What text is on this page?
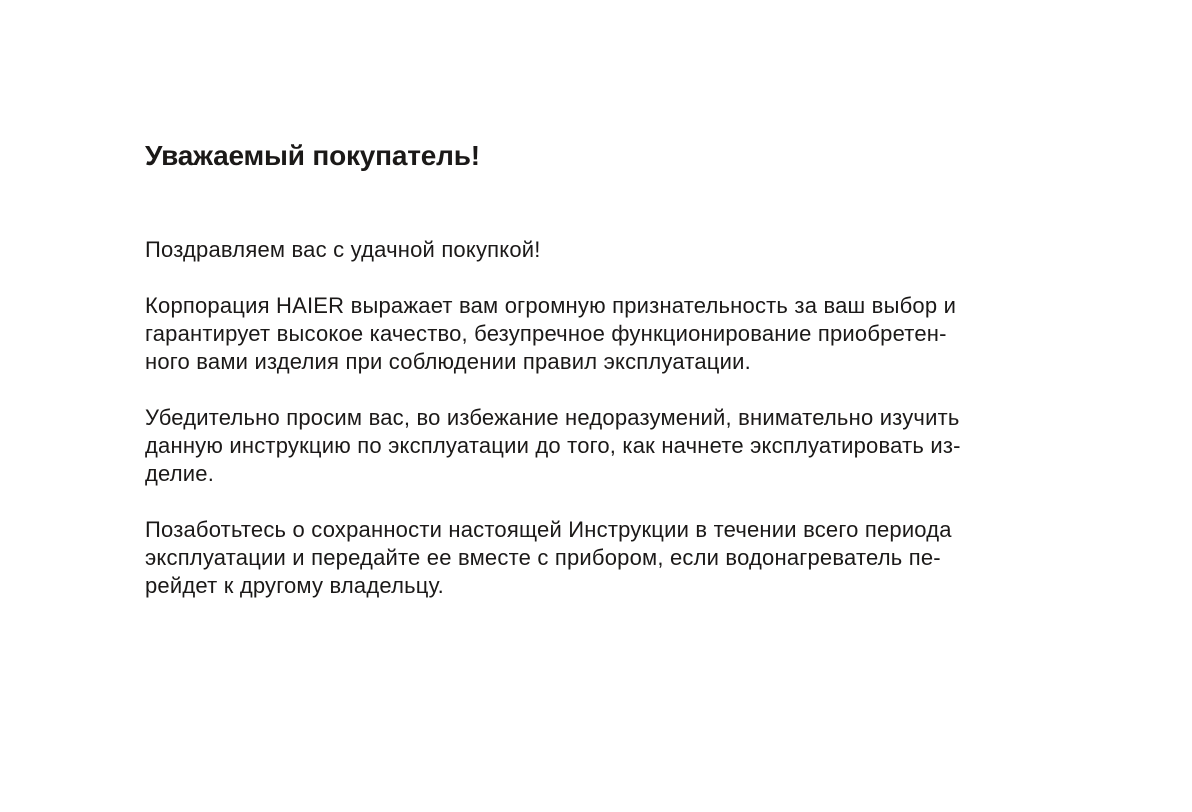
Уважаемый покупатель!
Поздравляем вас с удачной покупкой!
Корпорация HAIER выражает вам огромную признательность за ваш выбор и
гарантирует высокое качество, безупречное функционирование приобретен-
ного вами изделия при соблюдении правил эксплуатации.
Убедительно просим вас, во избежание недоразумений, внимательно изучить
данную инструкцию по эксплуатации до того, как начнете эксплуатировать из-
делие.
Позаботьтесь о сохранности настоящей Инструкции в течении всего периода
эксплуатации и передайте ее вместе с прибором, если водонагреватель пе-
рейдет к другому владельцу.
